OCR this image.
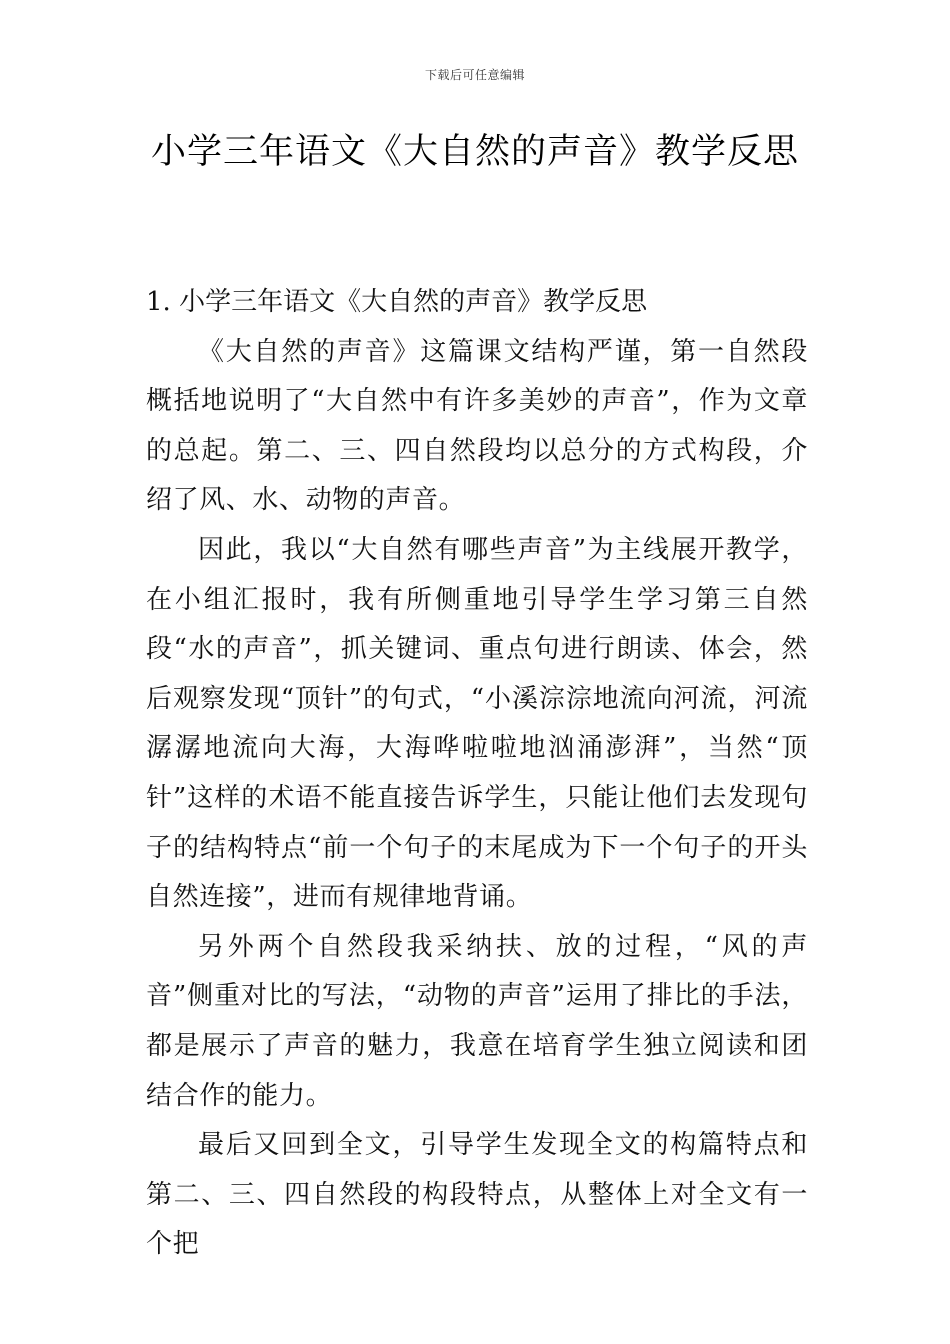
下载后可任意编辑
小学三年语文《大自然的声音》教学反思

1. 小学三年语文《大自然的声音》教学反思

《大自然的声音》这篇课文结构严谨，第一自然段概括地说明了“大自然中有许多美妙的声音”，作为文章的总起。第二、三、四自然段均以总分的方式构段，介绍了风、水、动物的声音。

因此，我以“大自然有哪些声音”为主线展开教学，在小组汇报时，我有所侧重地引导学生学习第三自然段“水的声音”，抓关键词、重点句进行朗读、体会，然后观察发现“顶针”的句式，“小溪淙淙地流向河流，河流潺潺地流向大海，大海哗啦啦地汹涌澎湃”，当然“顶针”这样的术语不能直接告诉学生，只能让他们去发现句子的结构特点“前一个句子的末尾成为下一个句子的开头自然连接”，进而有规律地背诵。

另外两个自然段我采纳扶、放的过程，“风的声音”侧重对比的写法，“动物的声音”运用了排比的手法，都是展示了声音的魅力，我意在培育学生独立阅读和团结合作的能力。

最后又回到全文，引导学生发现全文的构篇特点和第二、三、四自然段的构段特点，从整体上对全文有一个把
